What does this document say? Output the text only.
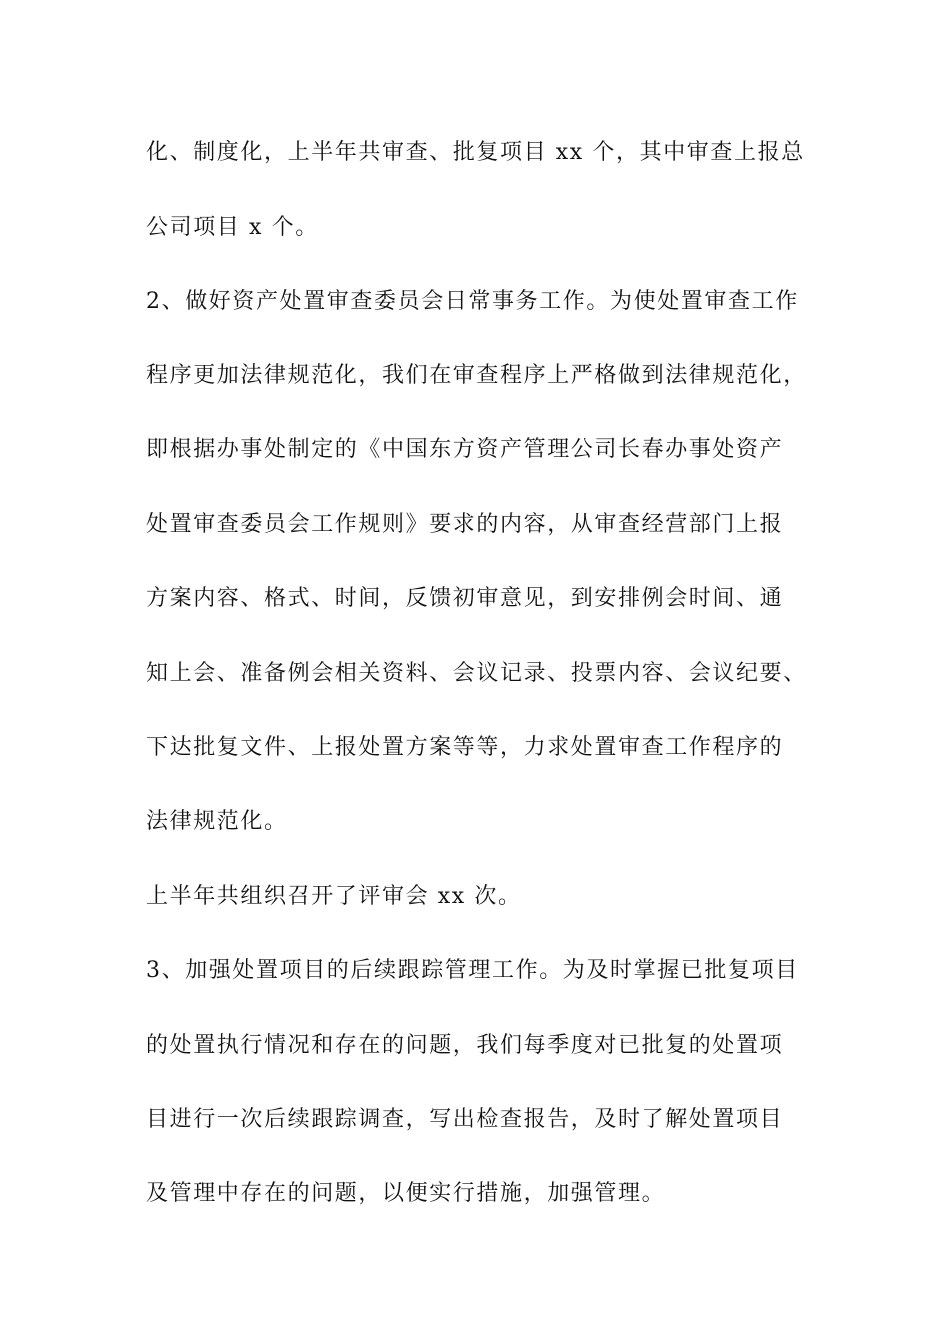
化、制度化，上半年共审查、批复项目 xx 个，其中审查上报总
公司项目 x 个。
2、做好资产处置审查委员会日常事务工作。为使处置审查工作
程序更加法律规范化，我们在审查程序上严格做到法律规范化，
即根据办事处制定的《中国东方资产管理公司长春办事处资产
处置审查委员会工作规则》要求的内容，从审查经营部门上报
方案内容、格式、时间，反馈初审意见，到安排例会时间、通
知上会、准备例会相关资料、会议记录、投票内容、会议纪要、
下达批复文件、上报处置方案等等，力求处置审查工作程序的
法律规范化。
上半年共组织召开了评审会 xx 次。
3、加强处置项目的后续跟踪管理工作。为及时掌握已批复项目
的处置执行情况和存在的问题，我们每季度对已批复的处置项
目进行一次后续跟踪调查，写出检查报告，及时了解处置项目
及管理中存在的问题，以便实行措施，加强管理。
